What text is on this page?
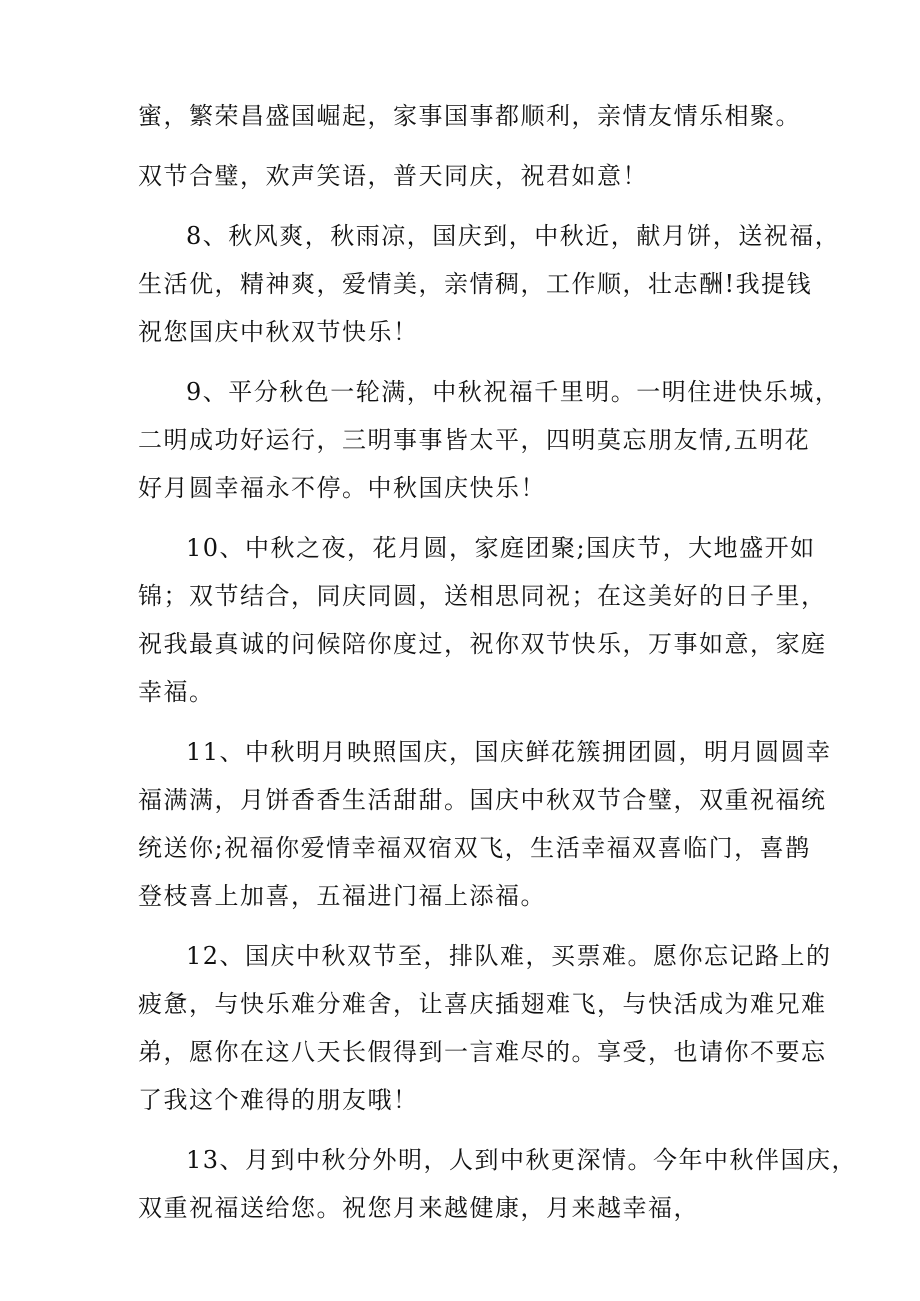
蜜，繁荣昌盛国崛起，家事国事都顺利，亲情友情乐相聚。
双节合璧，欢声笑语，普天同庆，祝君如意！
8、秋风爽，秋雨凉，国庆到，中秋近，献月饼，送祝福，
生活优，精神爽，爱情美，亲情稠，工作顺，壮志酬!我提钱
祝您国庆中秋双节快乐！
9、平分秋色一轮满，中秋祝福千里明。一明住进快乐城，
二明成功好运行，三明事事皆太平，四明莫忘朋友情,五明花
好月圆幸福永不停。中秋国庆快乐！
10、中秋之夜，花月圆，家庭团聚;国庆节，大地盛开如
锦；双节结合，同庆同圆，送相思同祝；在这美好的日子里，
祝我最真诚的问候陪你度过，祝你双节快乐，万事如意，家庭
幸福。
11、中秋明月映照国庆，国庆鲜花簇拥团圆，明月圆圆幸
福满满，月饼香香生活甜甜。国庆中秋双节合璧，双重祝福统
统送你;祝福你爱情幸福双宿双飞，生活幸福双喜临门，喜鹊
登枝喜上加喜，五福进门福上添福。
12、国庆中秋双节至，排队难，买票难。愿你忘记路上的
疲惫，与快乐难分难舍，让喜庆插翅难飞，与快活成为难兄难
弟，愿你在这八天长假得到一言难尽的。享受，也请你不要忘
了我这个难得的朋友哦！
13、月到中秋分外明，人到中秋更深情。今年中秋伴国庆，
双重祝福送给您。祝您月来越健康，月来越幸福，
